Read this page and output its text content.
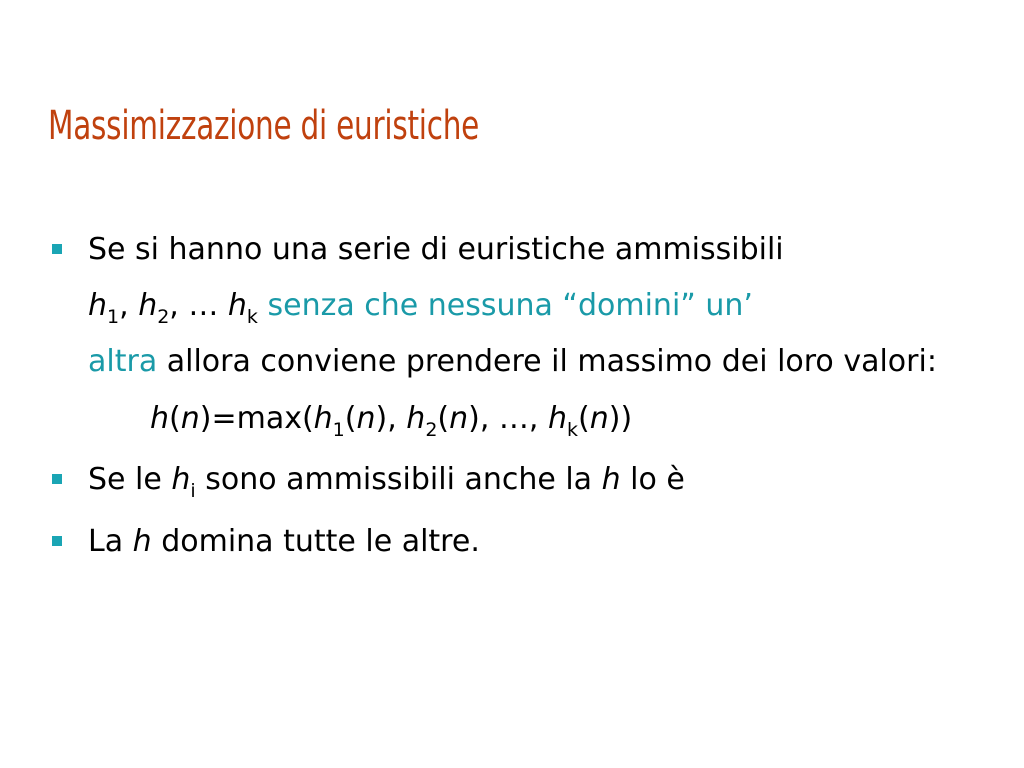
Massimizzazione di euristiche
Se si hanno una serie di euristiche ammissibili
$h_1$, $h_2$, … $h_k$ senza che nessuna “domini” un’
altra allora conviene prendere il massimo dei loro valori:
$h(n)=\max(h_1(n)$, $h_2(n)$, …, $h_k(n)$)
Se le $h_i$ sono ammissibili anche la h lo è
La h domina tutte le altre.
